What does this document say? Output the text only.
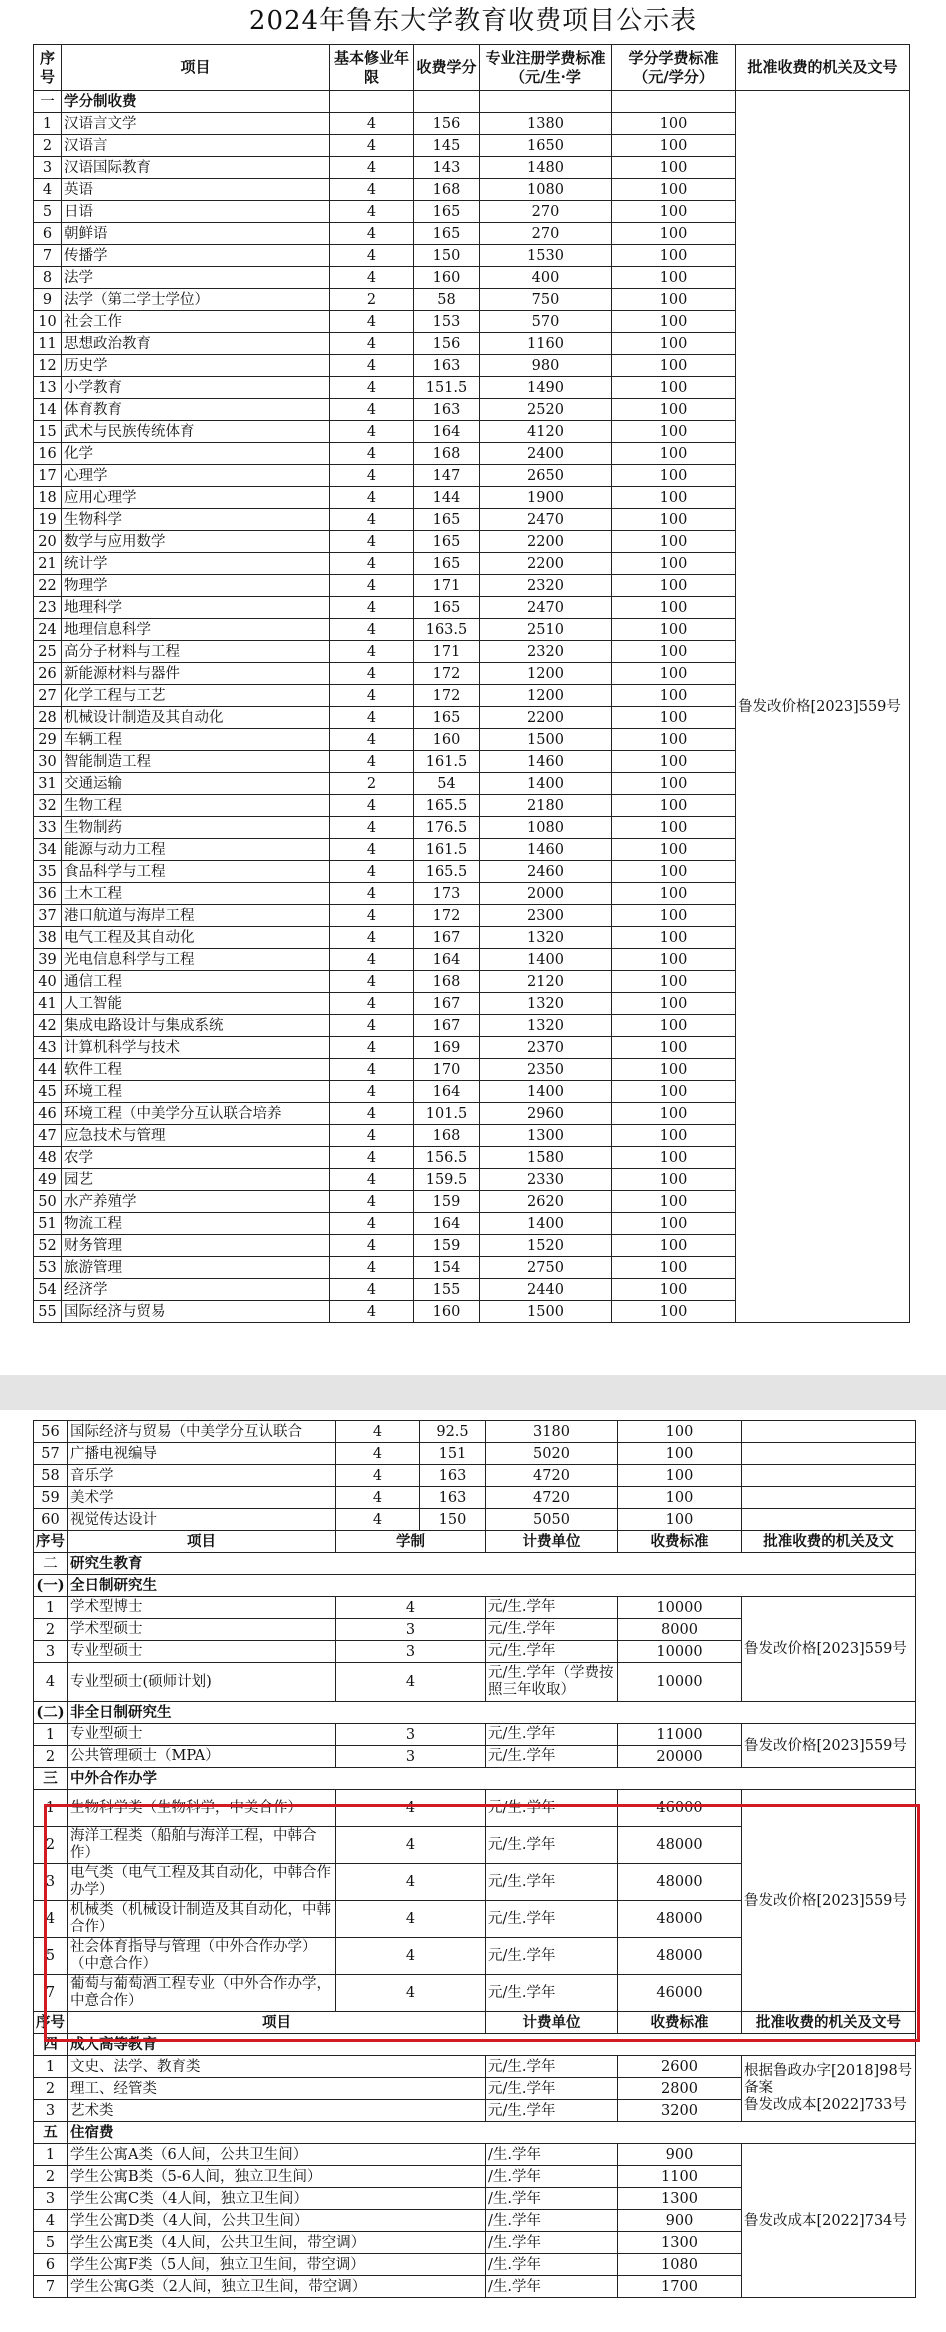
2024年鲁东大学教育收费项目公示表
序号	项目	基本修业年限	收费学分	专业注册学费标准（元/生·学	学分学费标准（元/学分）	批准收费的机关及文号
一	学分制收费					鲁发改价格[2023]559号
1	汉语言文学	4	156	1380	100	
2	汉语言	4	145	1650	100	
3	汉语国际教育	4	143	1480	100	
4	英语	4	168	1080	100	
5	日语	4	165	270	100	
6	朝鲜语	4	165	270	100	
7	传播学	4	150	1530	100	
8	法学	4	160	400	100	
9	法学（第二学士学位）	2	58	750	100	
10	社会工作	4	153	570	100	
11	思想政治教育	4	156	1160	100	
12	历史学	4	163	980	100	
13	小学教育	4	151.5	1490	100	
14	体育教育	4	163	2520	100	
15	武术与民族传统体育	4	164	4120	100	
16	化学	4	168	2400	100	
17	心理学	4	147	2650	100	
18	应用心理学	4	144	1900	100	
19	生物科学	4	165	2470	100	
20	数学与应用数学	4	165	2200	100	
21	统计学	4	165	2200	100	
22	物理学	4	171	2320	100	
23	地理科学	4	165	2470	100	
24	地理信息科学	4	163.5	2510	100	
25	高分子材料与工程	4	171	2320	100	
26	新能源材料与器件	4	172	1200	100	
27	化学工程与工艺	4	172	1200	100	
28	机械设计制造及其自动化	4	165	2200	100	
29	车辆工程	4	160	1500	100	
30	智能制造工程	4	161.5	1460	100	
31	交通运输	2	54	1400	100	
32	生物工程	4	165.5	2180	100	
33	生物制药	4	176.5	1080	100	
34	能源与动力工程	4	161.5	1460	100	
35	食品科学与工程	4	165.5	2460	100	
36	土木工程	4	173	2000	100	
37	港口航道与海岸工程	4	172	2300	100	
38	电气工程及其自动化	4	167	1320	100	
39	光电信息科学与工程	4	164	1400	100	
40	通信工程	4	168	2120	100	
41	人工智能	4	167	1320	100	
42	集成电路设计与集成系统	4	167	1320	100	
43	计算机科学与技术	4	169	2370	100	
44	软件工程	4	170	2350	100	
45	环境工程	4	164	1400	100	
46	环境工程（中美学分互认联合培养	4	101.5	2960	100	
47	应急技术与管理	4	168	1300	100	
48	农学	4	156.5	1580	100	
49	园艺	4	159.5	2330	100	
50	水产养殖学	4	159	2620	100	
51	物流工程	4	164	1400	100	
52	财务管理	4	159	1520	100	
53	旅游管理	4	154	2750	100	
54	经济学	4	155	2440	100	
55	国际经济与贸易	4	160	1500	100	
56	国际经济与贸易（中美学分互认联合	4	92.5	3180	100	
57	广播电视编导	4	151	5020	100	
58	音乐学	4	163	4720	100	
59	美术学	4	163	4720	100	
60	视觉传达设计	4	150	5050	100	
序号	项目	学制		计费单位	收费标准	批准收费的机关及文
二	研究生教育					
(一)	全日制研究生					
1	学术型博士	4		元/生.学年	10000	鲁发改价格[2023]559号
2	学术型硕士	3		元/生.学年	8000	
3	专业型硕士	3		元/生.学年	10000	
4	专业型硕士(硕师计划)	4		元/生.学年（学费按照三年收取）	10000	
(二)	非全日制研究生					
1	专业型硕士	3		元/生.学年	11000	鲁发改价格[2023]559号
2	公共管理硕士（MPA）	3		元/生.学年	20000	
三	中外合作办学					
1	生物科学类（生物科学，中美合作）	4		元/生.学年	46000	鲁发改价格[2023]559号
2	海洋工程类（船舶与海洋工程，中韩合作）	4		元/生.学年	48000	
3	电气类（电气工程及其自动化，中韩合作办学）	4		元/生.学年	48000	
4	机械类（机械设计制造及其自动化，中韩合作）	4		元/生.学年	48000	
5	社会体育指导与管理（中外合作办学）（中意合作）	4		元/生.学年	48000	
7	葡萄与葡萄酒工程专业（中外合作办学，中意合作）	4		元/生.学年	46000	
序号	项目			计费单位	收费标准	批准收费的机关及文号
四	成人高等教育					
1	文史、法学、教育类			元/生.学年	2600	根据鲁政办字[2018]98号备案
鲁发改成本[2022]733号

2	理工、经管类			元/生.学年	2800	
3	艺术类			元/生.学年	3200	
五	住宿费					
1	学生公寓A类（6人间，公共卫生间）			/生.学年	900	鲁发改成本[2022]734号
2	学生公寓B类（5-6人间，独立卫生间）			/生.学年	1100	
3	学生公寓C类（4人间，独立卫生间）			/生.学年	1300	
4	学生公寓D类（4人间，公共卫生间）			/生.学年	900	
5	学生公寓E类（4人间，公共卫生间，带空调）			/生.学年	1300	
6	学生公寓F类（5人间，独立卫生间，带空调）			/生.学年	1080	
7	学生公寓G类（2人间，独立卫生间，带空调）			/生.学年	1700	
